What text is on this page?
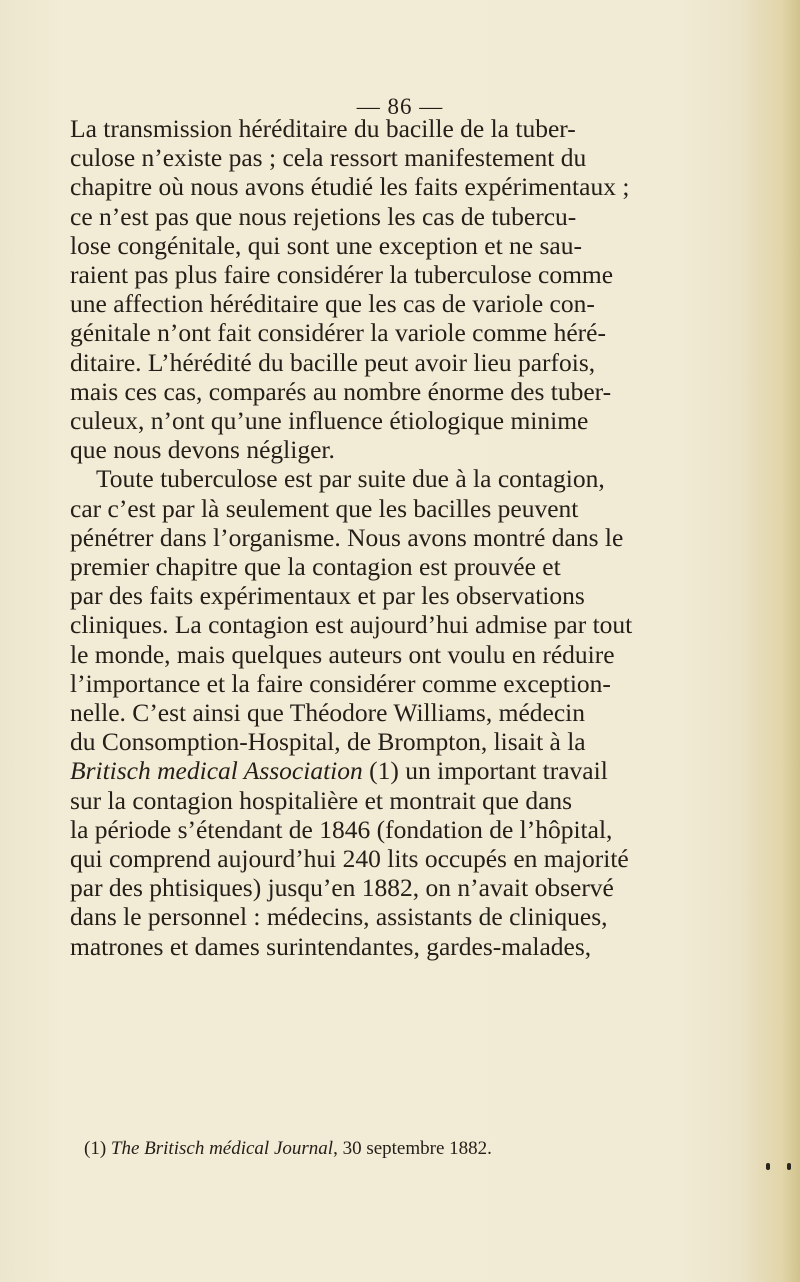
— 86 —

La transmission héréditaire du bacille de la tuber-
culose n’existe pas ; cela ressort manifestement du
chapitre où nous avons étudié les faits expérimentaux ;
ce n’est pas que nous rejetions les cas de tubercu-
lose congénitale, qui sont une exception et ne sau-
raient pas plus faire considérer la tuberculose comme
une affection héréditaire que les cas de variole con-
génitale n’ont fait considérer la variole comme héré-
ditaire. L’hérédité du bacille peut avoir lieu parfois,
mais ces cas, comparés au nombre énorme des tuber-
culeux, n’ont qu’une influence étiologique minime
que nous devons négliger.

Toute tuberculose est par suite due à la contagion,
car c’est par là seulement que les bacilles peuvent
pénétrer dans l’organisme. Nous avons montré dans le
premier chapitre que la contagion est prouvée et
par des faits expérimentaux et par les observations
cliniques. La contagion est aujourd’hui admise par tout
le monde, mais quelques auteurs ont voulu en réduire
l’importance et la faire considérer comme exception-
nelle. C’est ainsi que Théodore Williams, médecin
du Consomption-Hospital, de Brompton, lisait à la
Britisch medical Association (1) un important travail
sur la contagion hospitalière et montrait que dans
la période s’étendant de 1846 (fondation de l’hôpital,
qui comprend aujourd’hui 240 lits occupés en majorité
par des phtisiques) jusqu’en 1882, on n’avait observé
dans le personnel : médecins, assistants de cliniques,
matrones et dames surintendantes, gardes-malades,

(1) The Britisch médical Journal, 30 septembre 1882.
